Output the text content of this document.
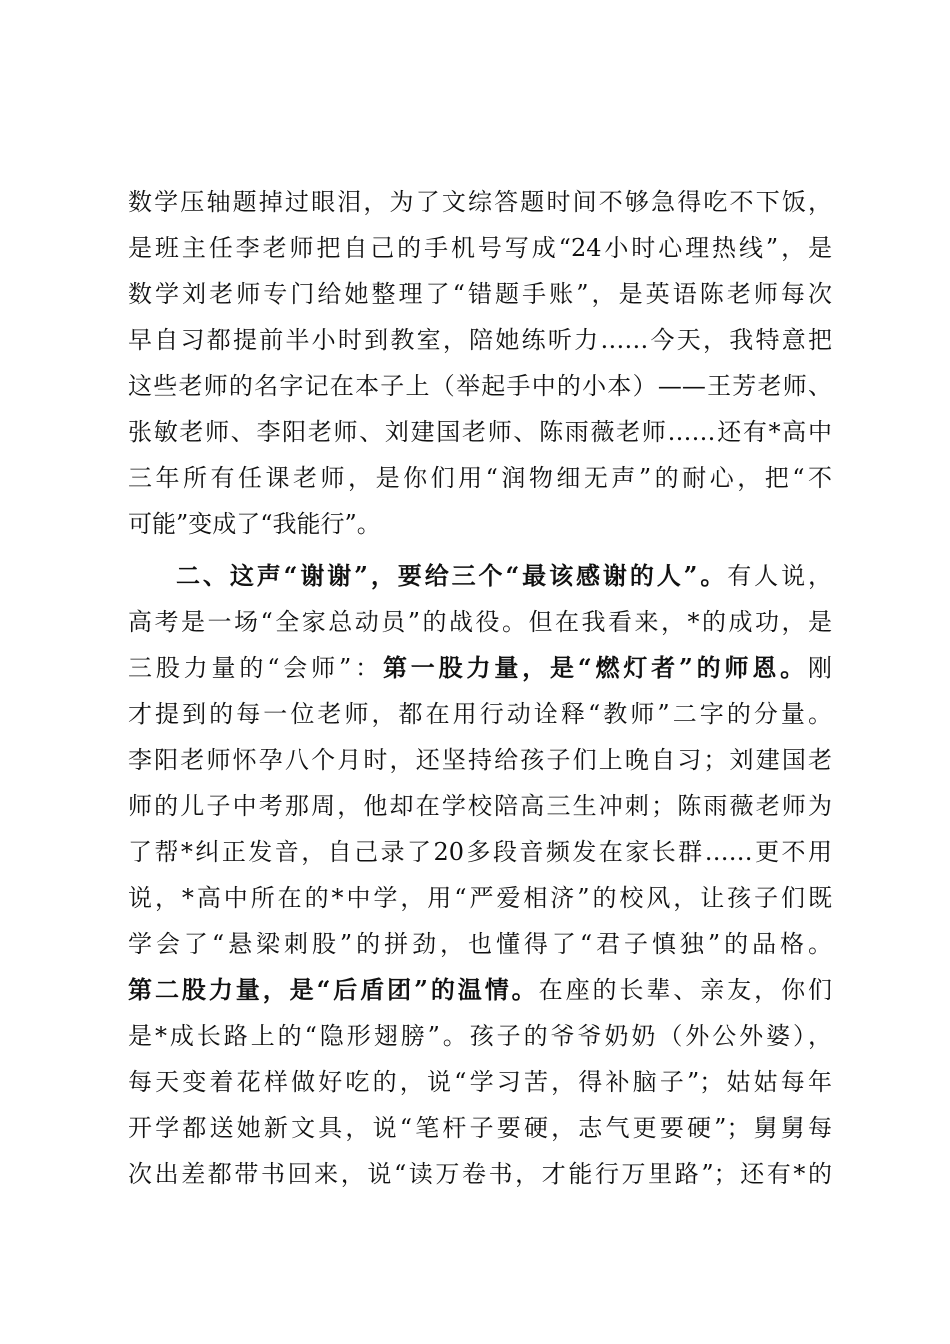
数学压轴题掉过眼泪，为了文综答题时间不够急得吃不下饭，
是班主任李老师把自己的手机号写成“24小时心理热线”，是
数学刘老师专门给她整理了“错题手账”，是英语陈老师每次
早自习都提前半小时到教室，陪她练听力……今天，我特意把
这些老师的名字记在本子上（举起手中的小本）——王芳老师、
张敏老师、李阳老师、刘建国老师、陈雨薇老师……还有*高中
三年所有任课老师，是你们用“润物细无声”的耐心，把“不
可能”变成了“我能行”。
二、这声“谢谢”，要给三个“最该感谢的人”。有人说，
高考是一场“全家总动员”的战役。但在我看来，*的成功，是
三股力量的“会师”：第一股力量，是“燃灯者”的师恩。刚
才提到的每一位老师，都在用行动诠释“教师”二字的分量。
李阳老师怀孕八个月时，还坚持给孩子们上晚自习；刘建国老
师的儿子中考那周，他却在学校陪高三生冲刺；陈雨薇老师为
了帮*纠正发音，自己录了20多段音频发在家长群……更不用
说，*高中所在的*中学，用“严爱相济”的校风，让孩子们既
学会了“悬梁刺股”的拼劲，也懂得了“君子慎独”的品格。
第二股力量，是“后盾团”的温情。在座的长辈、亲友，你们
是*成长路上的“隐形翅膀”。孩子的爷爷奶奶（外公外婆），
每天变着花样做好吃的，说“学习苦，得补脑子”；姑姑每年
开学都送她新文具，说“笔杆子要硬，志气更要硬”；舅舅每
次出差都带书回来，说“读万卷书，才能行万里路”；还有*的
